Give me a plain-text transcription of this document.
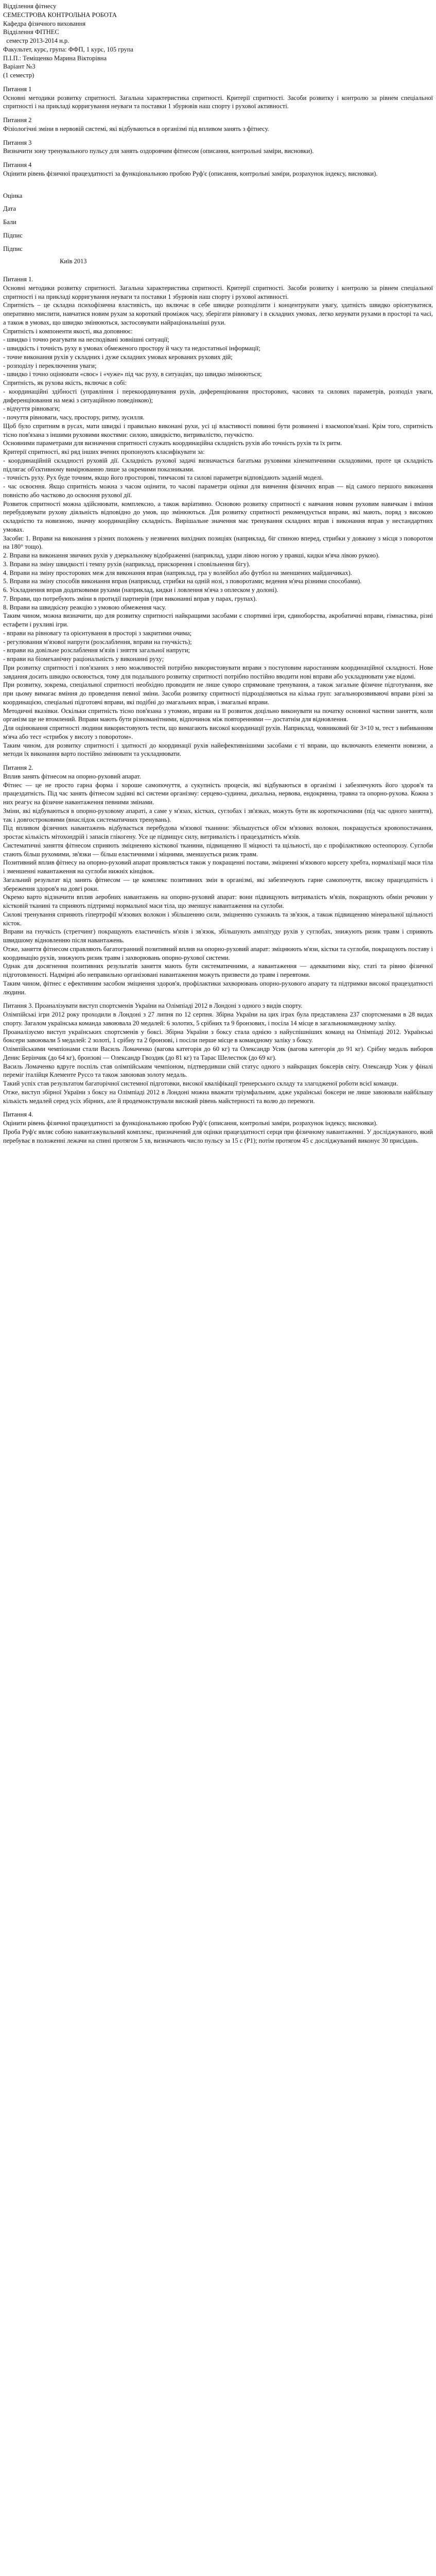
Відділення фітнесу

СЕМЕСТРОВА КОНТРОЛЬНА РОБОТА

Кафедра фізичного виховання

Відділення ФІТНЕС

семестр 2013-2014 н.р.

Факультет, курс, група: ФФП, 1 курс, 105 група

П.І.П.: Теміщенко Марина Вікторівна

Варіант №3

(1 семестр)

Питання 1

Основні методики розвитку спритності. Загальна характеристика спритності. Критерії спритності. Засоби розвитку і контролю за рівнем спеціальної спритності і на прикладі корригування неуваги та поставки 1 збурювів наш спорту і рухової активності.

Питання 2

Фізіологічні зміни в нервовій системі, які відбуваються в організмі під впливом занять з фітнесу.

Питання 3

Визначити зону тренувального пульсу для занять оздоровчим фітнесом (описання, контрольні заміри, висновки).

Питання 4

Оцінити рівень фізичної працездатності за функціональною пробою Руф'є (описання, контрольні заміри, розрахунок індексу, висновки).

Оцінка

Дата

Бали

Підпис

Підпис

Київ 2013

Питання 1.

Основні методики розвитку спритності. Загальна характеристика спритності. Критерії спритності. Засоби розвитку і контролю за рівнем спеціальної спритності і на прикладі корригування неуваги та поставки 1 збурювів наш спорту і рухової активності.

Спритність – це складна психофізична властивість, що включає в себе швидке розподілити і концентрувати увагу, здатність швидко орієнтуватися, оперативно мислити, навчатися новим рухам за короткий проміжок часу, зберігати рівновагу і в складних умовах, легко керувати рухами в просторі та часі, а також в умовах, що швидко змінюються, застосовувати найраціональніші рухи.

Спритність і компоненти якості, яка доповнює:

- швидко і точно реагувати на несподівані зовнішні ситуації;

- швидкість і точність руху в умовах обмеженого простору й часу та недостатньої інформації;

- точне виконання рухів у складних і дуже складних умовах керованих рухових дій;

- розподілу і переключення уваги;

- швидко і точно оцінювати «своє» і «чуже» під час руху, в ситуаціях, що швидко змінюються;

Спритність, як рухова якість, включає в собі:

- координаційні здібності (управління і перекоординування рухів, диференціювання просторових, часових та силових параметрів, розподіл уваги, диференціювання на межі з ситуаційною поведінкою);

- відчуття рівноваги;

- почуття рівноваги, часу, простору, ритму, зусилля.

Щоб було спритним в русах, мати швидкі і правильно виконані рухи, усі ці властивості повинні бути розвинені і взаємопов'язані. Крім того, спритність тісно пов'язана з іншими руховими якостями: силою, швидкістю, витривалістю, гнучкістю.

Основними параметрами для визначення спритності служать координаційна складність рухів або точність рухів та їх ритм.

Критерії спритності, які ряд інших вчених пропонують класифікувати за:

- координаційній складності руховій дії. Складність рухової задачі визначається багатьма руховими кінематичними складовими, проте ця складність підлягає об'єктивному вимірюванню лише за окремими показниками.

- точність руху. Рух буде точним, якщо його просторові, тимчасові та силові параметри відповідають заданій моделі.

- час освоєння. Якщо спритність можна з часом оцінити, то часові параметри оцінки для вивчення фізичних вправ — від самого першого виконання повністю або частково до освоєння рухової дії.

Розвиток спритності можна здійснювати, комплексно, а також варіативно. Основою розвитку спритності є навчання новим руховим навичкам і вміння перебудовувати рухову діяльність відповідно до умов, що змінюються. Для розвитку спритності рекомендується вправи, які мають, поряд з високою складністю та новизною, значну координаційну складність. Вирішальне значення має тренування складних вправ і виконання вправ у нестандартних умовах.

Засоби: 1. Вправи на виконання з різних положень у незвичних вихідних позиціях (наприклад, біг спиною вперед, стрибки у довжину з місця з поворотом на 180° тощо).

2. Вправи на виконання звичних рухів у дзеркальному відображенні (наприклад, удари лівою ногою у правші, кидки м'яча лівою рукою).

3. Вправи на зміну швидкості і темпу рухів (наприклад, прискорення і сповільнення бігу).

4. Вправи на зміну просторових меж для виконання вправ (наприклад, гра у волейбол або футбол на зменшених майданчиках).

5. Вправи на зміну способів виконання вправ (наприклад, стрибки на одній нозі, з поворотами; ведення м'яча різними способами).

6. Ускладнення вправ додатковими рухами (наприклад, кидки і ловлення м'яча з оплеском у долоні).

7. Вправи, що потребують зміни в протидії партнерів (при виконанні вправ у парах, групах).

8. Вправи на швидкісну реакцію з умовою обмеження часу.

Таким чином, можна визначити, що для розвитку спритності найкращими засобами є спортивні ігри, єдиноборства, акробатичні вправи, гімнастика, різні естафети і рухливі ігри.

- вправи на рівновагу та орієнтування в просторі з закритими очима;

- регулювання м'язової напруги (розслаблення, вправи на гнучкість);

- вправи на довільне розслаблення м'язів і зняття загальної напруги;

- вправи на біомеханічну раціональність у виконанні руху;

При розвитку спритності і пов'язаних з нею можливостей потрібно використовувати вправи з поступовим наростанням координаційної складності. Нове завдання досить швидко освоюється, тому для подальшого розвитку спритності потрібно постійно вводити нові вправи або ускладнювати уже відомі.

При розвитку, зокрема, спеціальної спритності необхідно проводити не лише суворо спрямоване тренування, а також загальне фізичне підготування, яке при цьому вимагає вміння до проведення певної зміни. Засоби розвитку спритності підрозділяються на кілька груп: загальнорозвиваючі вправи різні за координацією, спеціальні підготовчі вправи, які подібні до змагальних вправ, і змагальні вправи.

Методичні вказівки. Оскільки спритність тісно пов'язана з утомою, вправи на її розвиток доцільно виконувати на початку основної частини заняття, коли організм ще не втомлений. Вправи мають бути різноманітними, відпочинок між повтореннями — достатнім для відновлення.

Для оцінювання спритності людини використовують тести, що вимагають високої координації рухів. Наприклад, човниковий біг 3×10 м, тест з вибиванням м'яча або тест «стрибок у висоту з поворотом».

Таким чином, для розвитку спритності і здатності до координації рухів найефективнішими засобами є ті вправи, що включають елементи новизни, а методи їх виконання варто постійно змінювати та ускладнювати.

Питання 2.

Вплив занять фітнесом на опорно-руховий апарат.

Фітнес — це не просто гарна форма і хороше самопочуття, а сукупність процесів, які відбуваються в організмі і забезпечують його здоров'я та працездатність. Під час занять фітнесом задіяні всі системи організму: серцево-судинна, дихальна, нервова, ендокринна, травна та опорно-рухова. Кожна з них реагує на фізичне навантаження певними змінами.

Зміни, які відбуваються в опорно-руховому апараті, а саме у м'язах, кістках, суглобах і зв'язках, можуть бути як короткочасними (під час одного заняття), так і довгостроковими (внаслідок систематичних тренувань).

Під впливом фізичних навантажень відбувається перебудова м'язової тканини: збільшується об'єм м'язових волокон, покращується кровопостачання, зростає кількість мітохондрій і запасів глікогену. Усе це підвищує силу, витривалість і працездатність м'язів.

Систематичні заняття фітнесом сприяють зміцненню кісткової тканини, підвищенню її міцності та щільності, що є профілактикою остеопорозу. Суглоби стають більш рухомими, зв'язки — більш еластичними і міцними, зменшується ризик травм.

Позитивний вплив фітнесу на опорно-руховий апарат проявляється також у покращенні постави, зміцненні м'язового корсету хребта, нормалізації маси тіла і зменшенні навантаження на суглоби нижніх кінцівок.

Загальний результат від занять фітнесом — це комплекс позитивних змін в організмі, які забезпечують гарне самопочуття, високу працездатність і збереження здоров'я на довгі роки.

Окремо варто відзначити вплив аеробних навантажень на опорно-руховий апарат: вони підвищують витривалість м'язів, покращують обмін речовин у кістковій тканині та сприяють підтримці нормальної маси тіла, що зменшує навантаження на суглоби.

Силові тренування сприяють гіпертрофії м'язових волокон і збільшенню сили, зміцненню сухожиль та зв'язок, а також підвищенню мінеральної щільності кісток.

Вправи на гнучкість (стретчинг) покращують еластичність м'язів і зв'язок, збільшують амплітуду рухів у суглобах, знижують ризик травм і сприяють швидшому відновленню після навантажень.

Отже, заняття фітнесом справляють багатогранний позитивний вплив на опорно-руховий апарат: зміцнюють м'язи, кістки та суглоби, покращують поставу і координацію рухів, знижують ризик травм і захворювань опорно-рухової системи.

Однак для досягнення позитивних результатів заняття мають бути систематичними, а навантаження — адекватними віку, статі та рівню фізичної підготовленості. Надмірні або неправильно організовані навантаження можуть призвести до травм і перевтоми.

Таким чином, фітнес є ефективним засобом зміцнення здоров'я, профілактики захворювань опорно-рухового апарату та підтримки високої працездатності людини.

Питання 3. Проаналізувати виступ спортсменів України на Олімпіаді 2012 в Лондоні з одного з видів спорту.

Олімпійські ігри 2012 року проходили в Лондоні з 27 липня по 12 серпня. Збірна України на цих іграх була представлена 237 спортсменами в 28 видах спорту. Загалом українська команда завоювала 20 медалей: 6 золотих, 5 срібних та 9 бронзових, і посіла 14 місце в загальнокомандному заліку.

Проаналізуємо виступ українських спортсменів у боксі. Збірна України з боксу стала однією з найуспішніших команд на Олімпіаді 2012. Українські боксери завоювали 5 медалей: 2 золоті, 1 срібну та 2 бронзові, і посіли перше місце в командному заліку з боксу.

Олімпійськими чемпіонами стали Василь Ломаченко (вагова категорія до 60 кг) та Олександр Усик (вагова категорія до 91 кг). Срібну медаль виборов Денис Берінчик (до 64 кг), бронзові — Олександр Гвоздик (до 81 кг) та Тарас Шелестюк (до 69 кг).

Василь Ломаченко вдруге поспіль став олімпійським чемпіоном, підтвердивши свій статус одного з найкращих боксерів світу. Олександр Усик у фіналі переміг італійця Клементе Руссо та також завоював золоту медаль.

Такий успіх став результатом багаторічної системної підготовки, високої кваліфікації тренерського складу та злагодженої роботи всієї команди.

Отже, виступ збірної України з боксу на Олімпіаді 2012 в Лондоні можна вважати тріумфальним, адже українські боксери не лише завоювали найбільшу кількість медалей серед усіх збірних, але й продемонстрували високий рівень майстерності та волю до перемоги.

Питання 4.

Оцінити рівень фізичної працездатності за функціональною пробою Руф'є (описання, контрольні заміри, розрахунок індексу, висновки).

Проба Руф'є являє собою навантажувальний комплекс, призначений для оцінки працездатності серця при фізичному навантаженні. У досліджуваного, який перебуває в положенні лежачи на спині протягом 5 хв, визначають число пульсу за 15 с (P1); потім протягом 45 с досліджуваний виконує 30 присідань.
